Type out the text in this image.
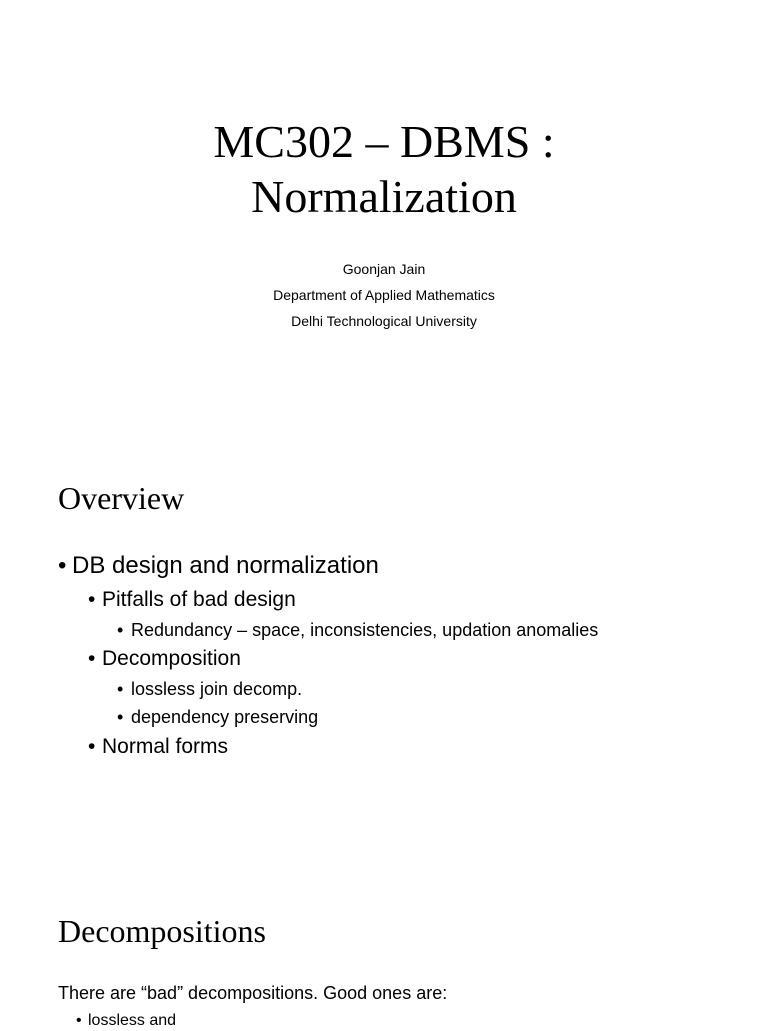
MC302 – DBMS :
Normalization
Goonjan Jain
Department of Applied Mathematics
Delhi Technological University
Overview
• DB design and normalization
• Pitfalls of bad design
• Redundancy – space, inconsistencies, updation anomalies
• Decomposition
• lossless join decomp.
• dependency preserving
• Normal forms
Decompositions
There are “bad” decompositions. Good ones are:
• lossless and
